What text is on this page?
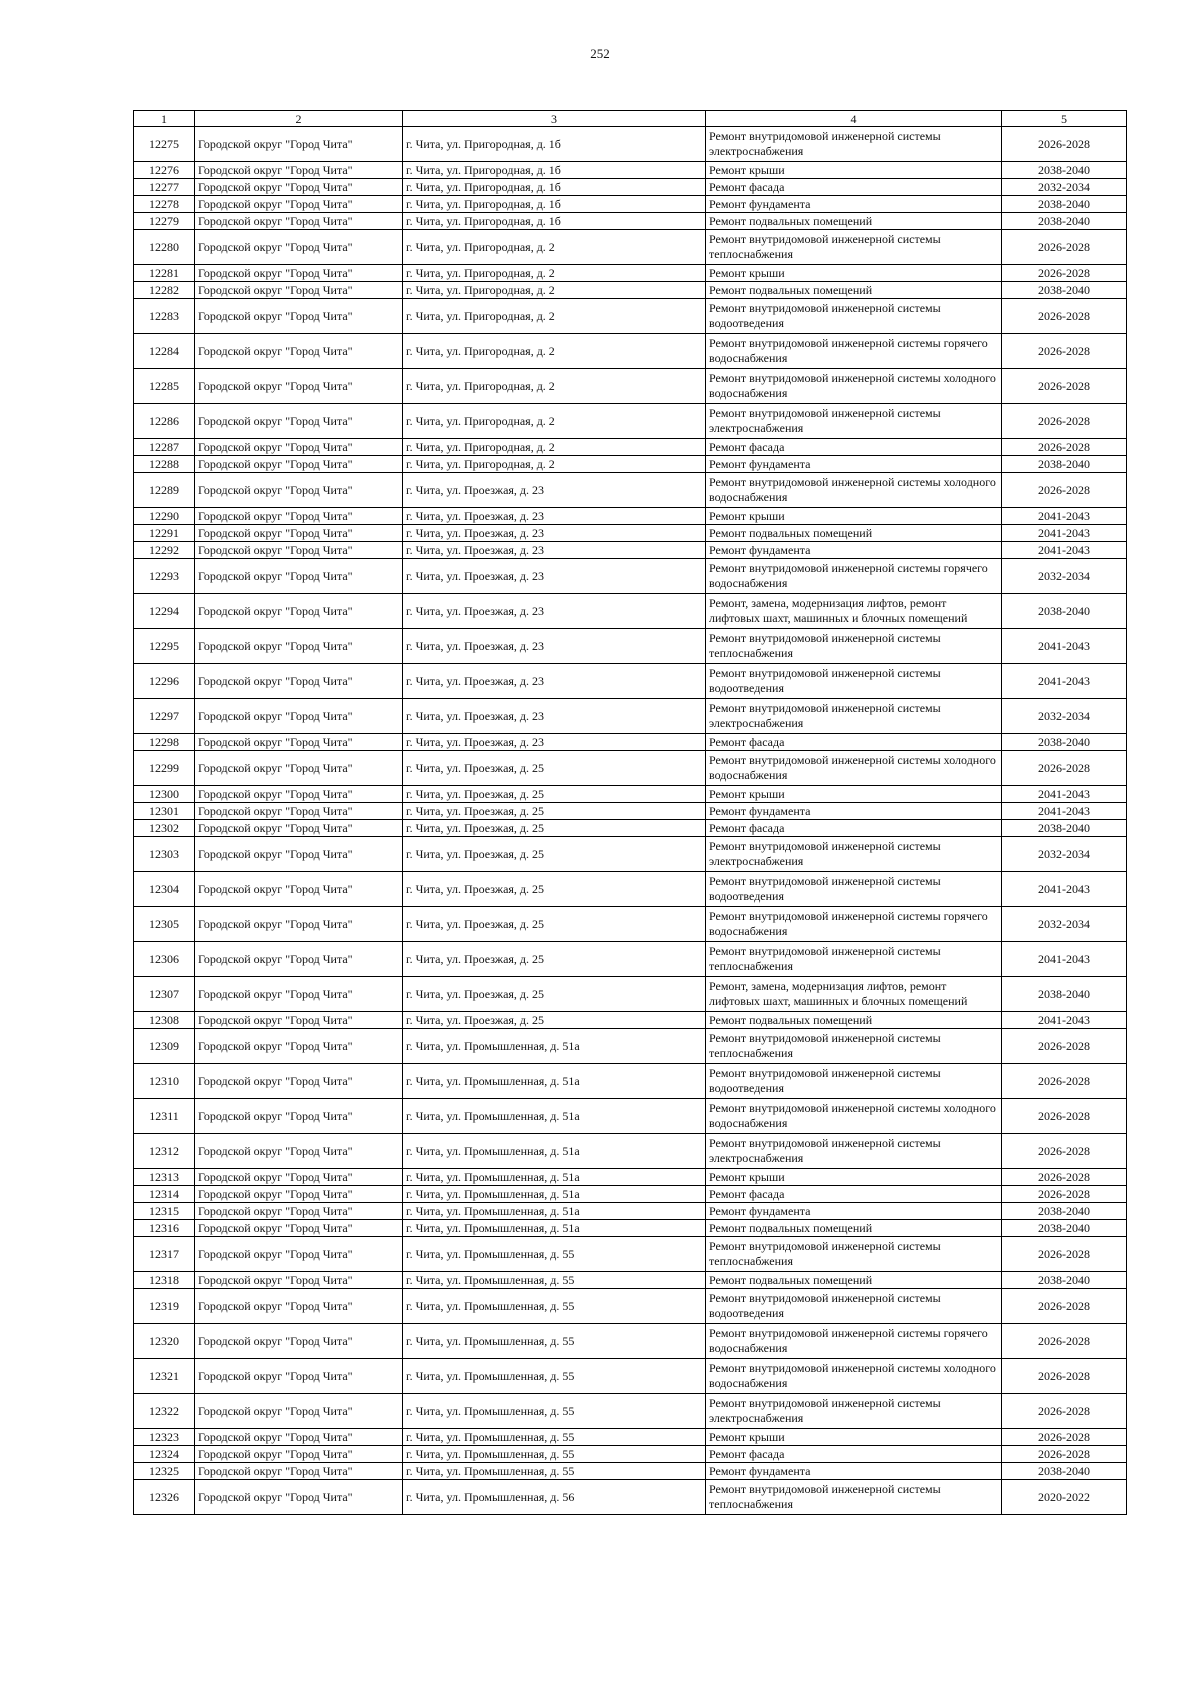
252
1	2	3	4	5
12275	Городской округ "Город Чита"	г. Чита, ул. Пригородная, д. 1б	Ремонт внутридомовой инженерной системы электроснабжения	2026-2028
12276	Городской округ "Город Чита"	г. Чита, ул. Пригородная, д. 1б	Ремонт крыши	2038-2040
12277	Городской округ "Город Чита"	г. Чита, ул. Пригородная, д. 1б	Ремонт фасада	2032-2034
12278	Городской округ "Город Чита"	г. Чита, ул. Пригородная, д. 1б	Ремонт фундамента	2038-2040
12279	Городской округ "Город Чита"	г. Чита, ул. Пригородная, д. 1б	Ремонт подвальных помещений	2038-2040
12280	Городской округ "Город Чита"	г. Чита, ул. Пригородная, д. 2	Ремонт внутридомовой инженерной системы теплоснабжения	2026-2028
12281	Городской округ "Город Чита"	г. Чита, ул. Пригородная, д. 2	Ремонт крыши	2026-2028
12282	Городской округ "Город Чита"	г. Чита, ул. Пригородная, д. 2	Ремонт подвальных помещений	2038-2040
12283	Городской округ "Город Чита"	г. Чита, ул. Пригородная, д. 2	Ремонт внутридомовой инженерной системы водоотведения	2026-2028
12284	Городской округ "Город Чита"	г. Чита, ул. Пригородная, д. 2	Ремонт внутридомовой инженерной системы горячего водоснабжения	2026-2028
12285	Городской округ "Город Чита"	г. Чита, ул. Пригородная, д. 2	Ремонт внутридомовой инженерной системы холодного водоснабжения	2026-2028
12286	Городской округ "Город Чита"	г. Чита, ул. Пригородная, д. 2	Ремонт внутридомовой инженерной системы электроснабжения	2026-2028
12287	Городской округ "Город Чита"	г. Чита, ул. Пригородная, д. 2	Ремонт фасада	2026-2028
12288	Городской округ "Город Чита"	г. Чита, ул. Пригородная, д. 2	Ремонт фундамента	2038-2040
12289	Городской округ "Город Чита"	г. Чита, ул. Проезжая, д. 23	Ремонт внутридомовой инженерной системы холодного водоснабжения	2026-2028
12290	Городской округ "Город Чита"	г. Чита, ул. Проезжая, д. 23	Ремонт крыши	2041-2043
12291	Городской округ "Город Чита"	г. Чита, ул. Проезжая, д. 23	Ремонт подвальных помещений	2041-2043
12292	Городской округ "Город Чита"	г. Чита, ул. Проезжая, д. 23	Ремонт фундамента	2041-2043
12293	Городской округ "Город Чита"	г. Чита, ул. Проезжая, д. 23	Ремонт внутридомовой инженерной системы горячего водоснабжения	2032-2034
12294	Городской округ "Город Чита"	г. Чита, ул. Проезжая, д. 23	Ремонт, замена, модернизация лифтов, ремонт лифтовых шахт, машинных и блочных помещений	2038-2040
12295	Городской округ "Город Чита"	г. Чита, ул. Проезжая, д. 23	Ремонт внутридомовой инженерной системы теплоснабжения	2041-2043
12296	Городской округ "Город Чита"	г. Чита, ул. Проезжая, д. 23	Ремонт внутридомовой инженерной системы водоотведения	2041-2043
12297	Городской округ "Город Чита"	г. Чита, ул. Проезжая, д. 23	Ремонт внутридомовой инженерной системы электроснабжения	2032-2034
12298	Городской округ "Город Чита"	г. Чита, ул. Проезжая, д. 23	Ремонт фасада	2038-2040
12299	Городской округ "Город Чита"	г. Чита, ул. Проезжая, д. 25	Ремонт внутридомовой инженерной системы холодного водоснабжения	2026-2028
12300	Городской округ "Город Чита"	г. Чита, ул. Проезжая, д. 25	Ремонт крыши	2041-2043
12301	Городской округ "Город Чита"	г. Чита, ул. Проезжая, д. 25	Ремонт фундамента	2041-2043
12302	Городской округ "Город Чита"	г. Чита, ул. Проезжая, д. 25	Ремонт фасада	2038-2040
12303	Городской округ "Город Чита"	г. Чита, ул. Проезжая, д. 25	Ремонт внутридомовой инженерной системы электроснабжения	2032-2034
12304	Городской округ "Город Чита"	г. Чита, ул. Проезжая, д. 25	Ремонт внутридомовой инженерной системы водоотведения	2041-2043
12305	Городской округ "Город Чита"	г. Чита, ул. Проезжая, д. 25	Ремонт внутридомовой инженерной системы горячего водоснабжения	2032-2034
12306	Городской округ "Город Чита"	г. Чита, ул. Проезжая, д. 25	Ремонт внутридомовой инженерной системы теплоснабжения	2041-2043
12307	Городской округ "Город Чита"	г. Чита, ул. Проезжая, д. 25	Ремонт, замена, модернизация лифтов, ремонт лифтовых шахт, машинных и блочных помещений	2038-2040
12308	Городской округ "Город Чита"	г. Чита, ул. Проезжая, д. 25	Ремонт подвальных помещений	2041-2043
12309	Городской округ "Город Чита"	г. Чита, ул. Промышленная, д. 51а	Ремонт внутридомовой инженерной системы теплоснабжения	2026-2028
12310	Городской округ "Город Чита"	г. Чита, ул. Промышленная, д. 51а	Ремонт внутридомовой инженерной системы водоотведения	2026-2028
12311	Городской округ "Город Чита"	г. Чита, ул. Промышленная, д. 51а	Ремонт внутридомовой инженерной системы холодного водоснабжения	2026-2028
12312	Городской округ "Город Чита"	г. Чита, ул. Промышленная, д. 51а	Ремонт внутридомовой инженерной системы электроснабжения	2026-2028
12313	Городской округ "Город Чита"	г. Чита, ул. Промышленная, д. 51а	Ремонт крыши	2026-2028
12314	Городской округ "Город Чита"	г. Чита, ул. Промышленная, д. 51а	Ремонт фасада	2026-2028
12315	Городской округ "Город Чита"	г. Чита, ул. Промышленная, д. 51а	Ремонт фундамента	2038-2040
12316	Городской округ "Город Чита"	г. Чита, ул. Промышленная, д. 51а	Ремонт подвальных помещений	2038-2040
12317	Городской округ "Город Чита"	г. Чита, ул. Промышленная, д. 55	Ремонт внутридомовой инженерной системы теплоснабжения	2026-2028
12318	Городской округ "Город Чита"	г. Чита, ул. Промышленная, д. 55	Ремонт подвальных помещений	2038-2040
12319	Городской округ "Город Чита"	г. Чита, ул. Промышленная, д. 55	Ремонт внутридомовой инженерной системы водоотведения	2026-2028
12320	Городской округ "Город Чита"	г. Чита, ул. Промышленная, д. 55	Ремонт внутридомовой инженерной системы горячего водоснабжения	2026-2028
12321	Городской округ "Город Чита"	г. Чита, ул. Промышленная, д. 55	Ремонт внутридомовой инженерной системы холодного водоснабжения	2026-2028
12322	Городской округ "Город Чита"	г. Чита, ул. Промышленная, д. 55	Ремонт внутридомовой инженерной системы электроснабжения	2026-2028
12323	Городской округ "Город Чита"	г. Чита, ул. Промышленная, д. 55	Ремонт крыши	2026-2028
12324	Городской округ "Город Чита"	г. Чита, ул. Промышленная, д. 55	Ремонт фасада	2026-2028
12325	Городской округ "Город Чита"	г. Чита, ул. Промышленная, д. 55	Ремонт фундамента	2038-2040
12326	Городской округ "Город Чита"	г. Чита, ул. Промышленная, д. 56	Ремонт внутридомовой инженерной системы теплоснабжения	2020-2022
